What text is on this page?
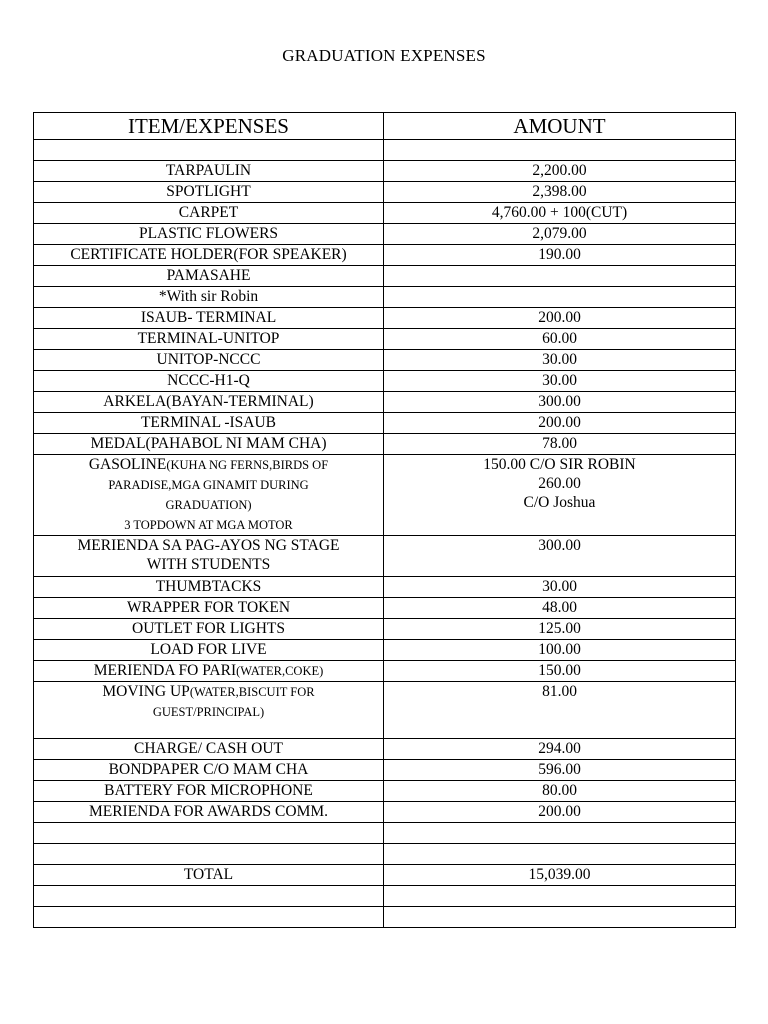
GRADUATION EXPENSES
ITEM/EXPENSES	AMOUNT

TARPAULIN	2,200.00

SPOTLIGHT	2,398.00

CARPET	4,760.00 + 100(CUT)

PLASTIC FLOWERS	2,079.00

CERTIFICATE HOLDER(FOR SPEAKER)	190.00

PAMASAHE	

*With sir Robin	

ISAUB- TERMINAL	200.00

TERMINAL-UNITOP	60.00

UNITOP-NCCC	30.00

NCCC-H1-Q	30.00

ARKELA(BAYAN-TERMINAL)	300.00

TERMINAL -ISAUB	200.00

MEDAL(PAHABOL NI MAM CHA)	78.00

GASOLINE(KUHA NG FERNS,BIRDS OF
PARADISE,MGA GINAMIT DURING
GRADUATION)
3 TOPDOWN AT MGA MOTOR	150.00 C/O SIR ROBIN
260.00
C/O Joshua

MERIENDA SA PAG-AYOS NG STAGE
WITH STUDENTS	300.00

THUMBTACKS	30.00

WRAPPER FOR TOKEN	48.00

OUTLET FOR LIGHTS	125.00

LOAD FOR LIVE	100.00

MERIENDA FO PARI(WATER,COKE)	150.00

MOVING UP(WATER,BISCUIT FOR
GUEST/PRINCIPAL)	81.00

CHARGE/ CASH OUT	294.00

BONDPAPER C/O MAM CHA	596.00

BATTERY FOR MICROPHONE	80.00

MERIENDA FOR AWARDS COMM.	200.00

TOTAL	15,039.00
